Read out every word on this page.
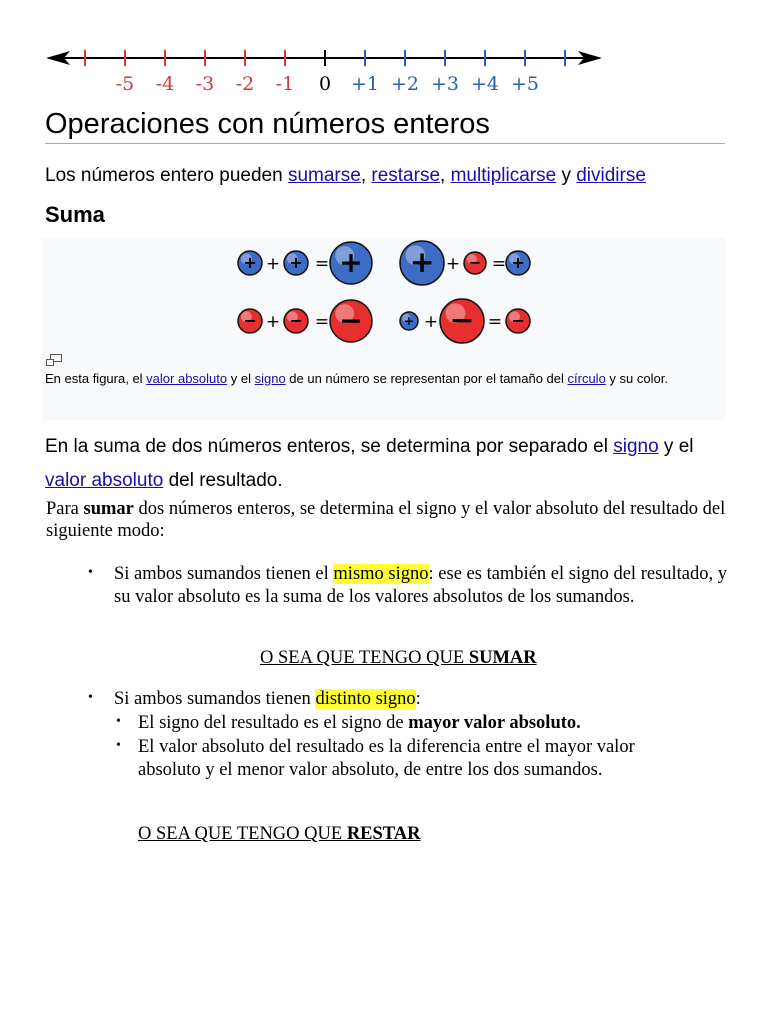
-5 -4 -3 -2 -1 0 +1 +2 +3 +4 +5
Operaciones con números enteros
Los números entero pueden sumarse, restarse, multiplicarse y dividirse
Suma
+ + + = + + + − = +
− + − = −	+ + − = −
En esta figura, el valor absoluto y el signo de un número se representan por el tamaño del círculo y su color.
En la suma de dos números enteros, se determina por separado el signo y el valor absoluto del resultado.
Para sumar dos números enteros, se determina el signo y el valor absoluto del resultado del siguiente modo:
• Si ambos sumandos tienen el mismo signo: ese es también el signo del resultado, y su valor absoluto es la suma de los valores absolutos de los sumandos.
O SEA QUE TENGO QUE SUMAR
• Si ambos sumandos tienen distinto signo:
• El signo del resultado es el signo de mayor valor absoluto.
• El valor absoluto del resultado es la diferencia entre el mayor valor absoluto y el menor valor absoluto, de entre los dos sumandos.
O SEA QUE TENGO QUE RESTAR
